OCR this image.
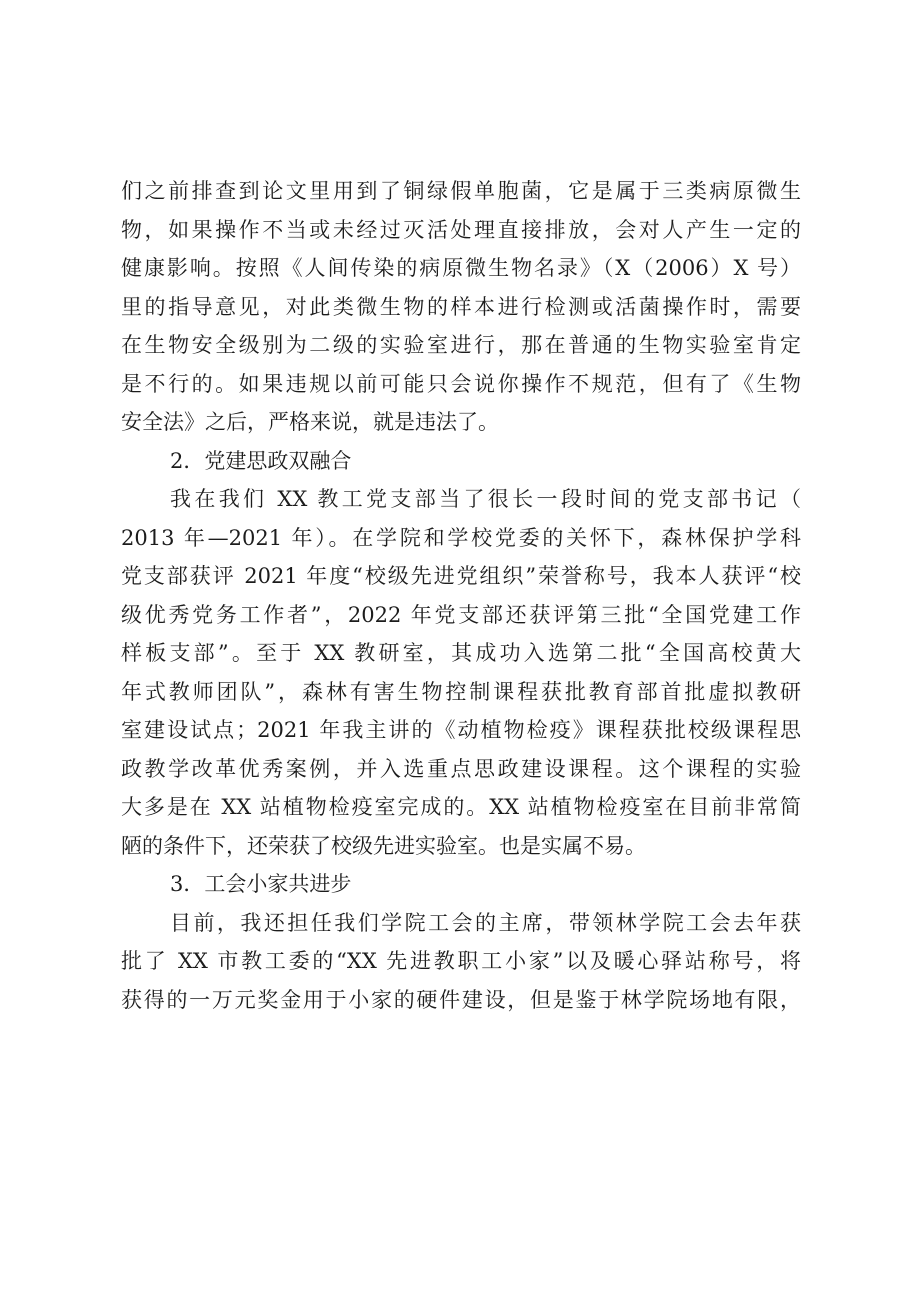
们之前排查到论文里用到了铜绿假单胞菌，它是属于三类病原微生
物，如果操作不当或未经过灭活处理直接排放，会对人产生一定的
健康影响。按照《人间传染的病原微生物名录》（X（2006）X 号）
里的指导意见，对此类微生物的样本进行检测或活菌操作时，需要
在生物安全级别为二级的实验室进行，那在普通的生物实验室肯定
是不行的。如果违规以前可能只会说你操作不规范，但有了《生物
安全法》之后，严格来说，就是违法了。
2．党建思政双融合
我在我们 XX 教工党支部当了很长一段时间的党支部书记（
2013 年—2021 年）。在学院和学校党委的关怀下，森林保护学科
党支部获评 2021 年度“校级先进党组织”荣誉称号，我本人获评“校
级优秀党务工作者”，2022 年党支部还获评第三批“全国党建工作
样板支部”。至于 XX 教研室，其成功入选第二批“全国高校黄大
年式教师团队”，森林有害生物控制课程获批教育部首批虚拟教研
室建设试点；2021 年我主讲的《动植物检疫》课程获批校级课程思
政教学改革优秀案例，并入选重点思政建设课程。这个课程的实验
大多是在 XX 站植物检疫室完成的。XX 站植物检疫室在目前非常简
陋的条件下，还荣获了校级先进实验室。也是实属不易。
3．工会小家共进步
目前，我还担任我们学院工会的主席，带领林学院工会去年获
批了 XX 市教工委的“XX 先进教职工小家”以及暖心驿站称号，将
获得的一万元奖金用于小家的硬件建设，但是鉴于林学院场地有限，
